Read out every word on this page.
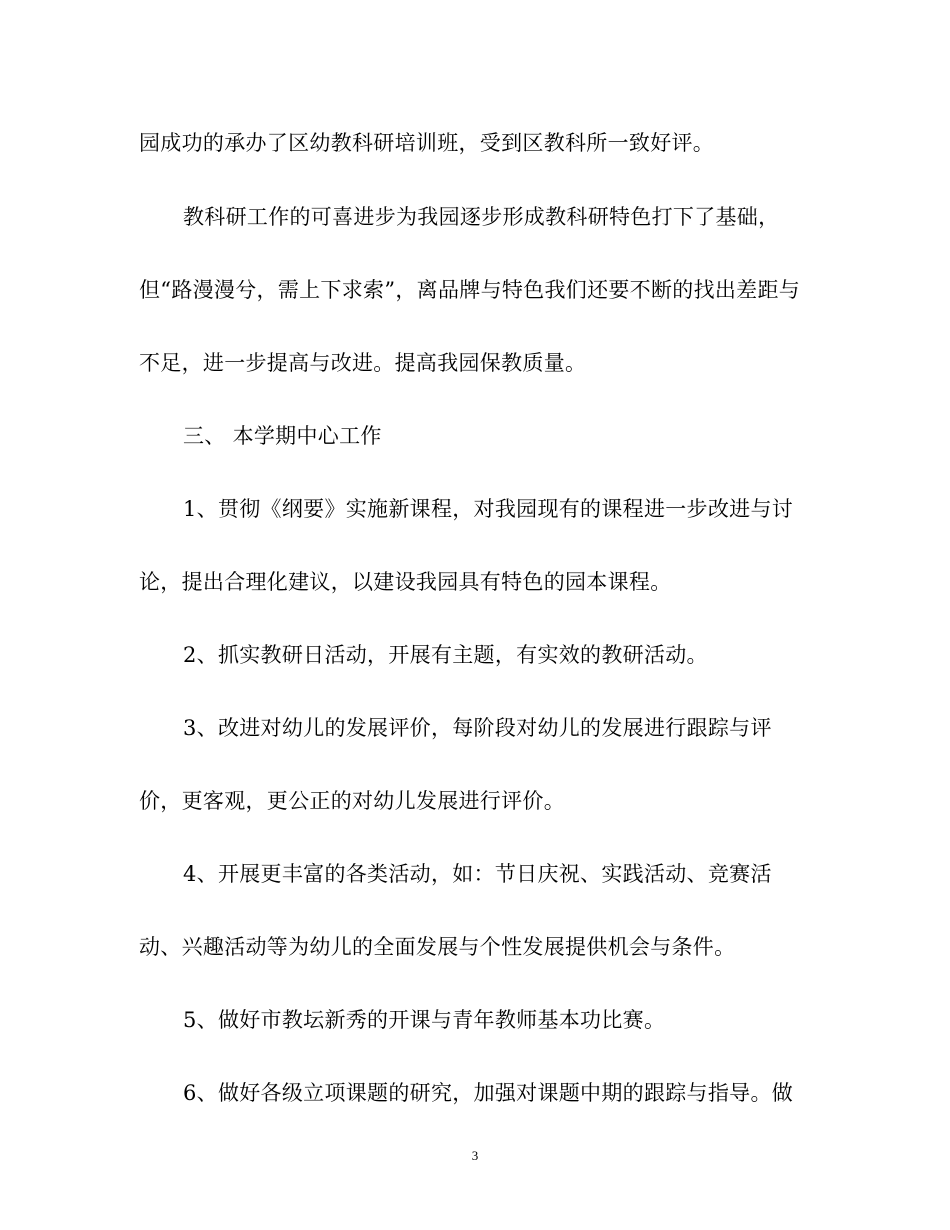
园成功的承办了区幼教科研培训班，受到区教科所一致好评。
教科研工作的可喜进步为我园逐步形成教科研特色打下了基础，
但“路漫漫兮，需上下求索”，离品牌与特色我们还要不断的找出差距与
不足，进一步提高与改进。提高我园保教质量。
三、 本学期中心工作
1、贯彻《纲要》实施新课程，对我园现有的课程进一步改进与讨
论，提出合理化建议，以建设我园具有特色的园本课程。
2、抓实教研日活动，开展有主题，有实效的教研活动。
3、改进对幼儿的发展评价，每阶段对幼儿的发展进行跟踪与评
价，更客观，更公正的对幼儿发展进行评价。
4、开展更丰富的各类活动，如：节日庆祝、实践活动、竞赛活
动、兴趣活动等为幼儿的全面发展与个性发展提供机会与条件。
5、做好市教坛新秀的开课与青年教师基本功比赛。
6、做好各级立项课题的研究，加强对课题中期的跟踪与指导。做
3
